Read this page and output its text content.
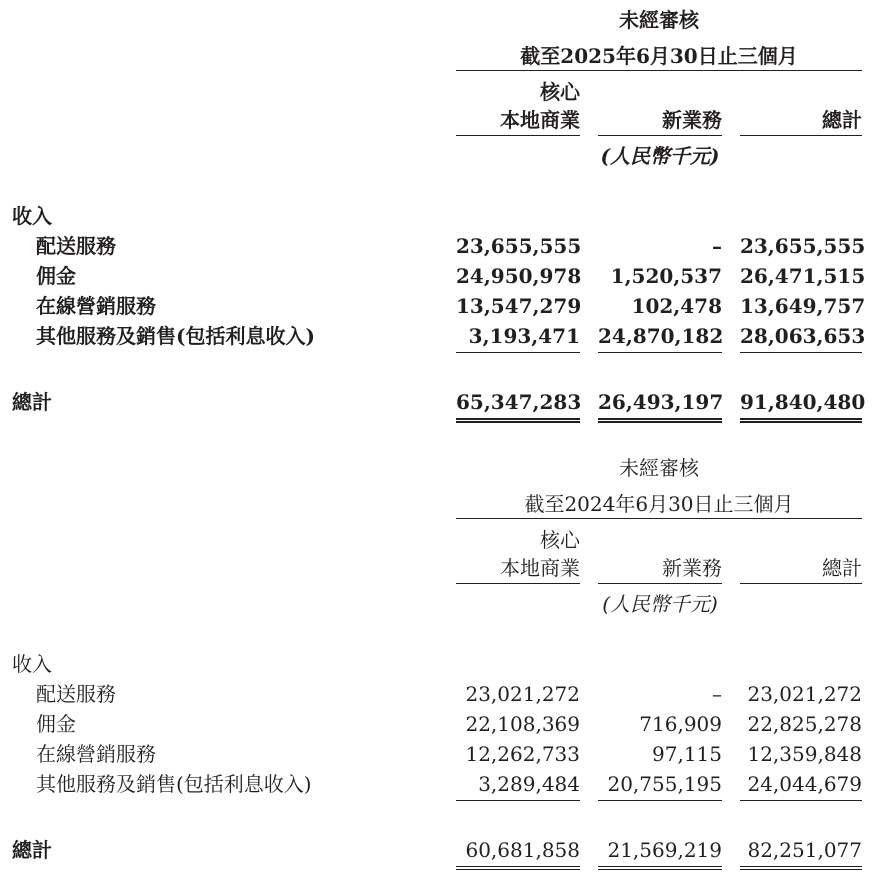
未經審核
截至2025年6月30日止三個月
核心
本地商業	新業務	總計
(人民幣千元)
收入
配送服務	23,655,555	– 23,655,555
佣金	24,950,978	1,520,537 26,471,515
在線營銷服務	13,547,279	102,478 13,649,757
其他服務及銷售(包括利息收入)	3,193,471 24,870,182 28,063,653
總計	65,347,283 26,493,197 91,840,480
未經審核
截至2024年6月30日止三個月
核心
本地商業	新業務	總計
(人民幣千元)
收入
配送服務	23,021,272	–	23,021,272
佣金	22,108,369	716,909	22,825,278
在線營銷服務	12,262,733	97,115	12,359,848
其他服務及銷售(包括利息收入)	3,289,484	20,755,195	24,044,679
總計	60,681,858	21,569,219	82,251,077
